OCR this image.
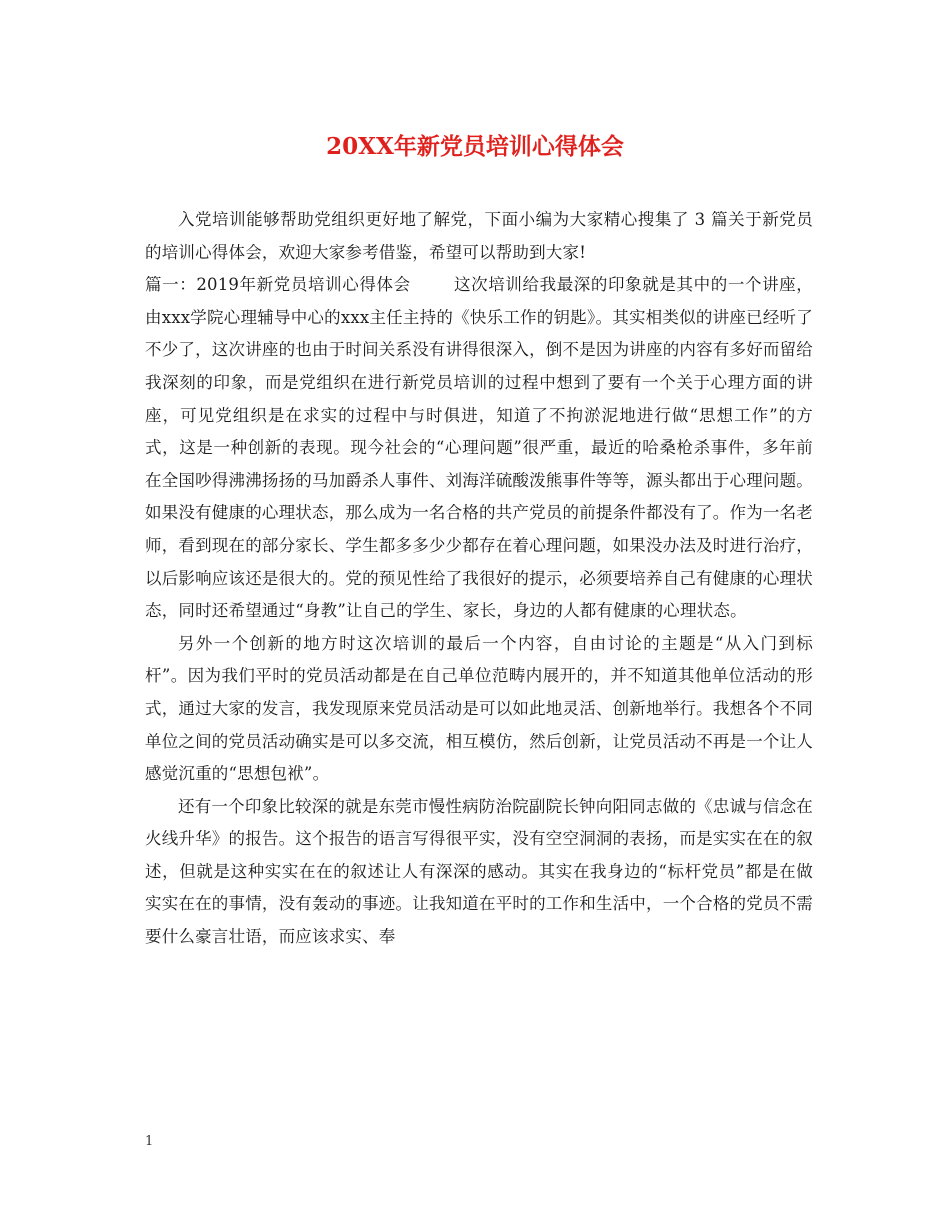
20XX年新党员培训心得体会

入党培训能够帮助党组织更好地了解党，下面小编为大家精心搜集了 3 篇关于新党员的培训心得体会，欢迎大家参考借鉴，希望可以帮助到大家!

篇一：2019年新党员培训心得体会	这次培训给我最深的印象就是其中的一个讲座，由xxx学院心理辅导中心的xxx主任主持的《快乐工作的钥匙》。其实相类似的讲座已经听了不少了，这次讲座的也由于时间关系没有讲得很深入，倒不是因为讲座的内容有多好而留给我深刻的印象，而是党组织在进行新党员培训的过程中想到了要有一个关于心理方面的讲座，可见党组织是在求实的过程中与时俱进，知道了不拘淤泥地进行做“思想工作”的方式，这是一种创新的表现。现今社会的“心理问题”很严重，最近的哈桑枪杀事件，多年前在全国吵得沸沸扬扬的马加爵杀人事件、刘海洋硫酸泼熊事件等等，源头都出于心理问题。如果没有健康的心理状态，那么成为一名合格的共产党员的前提条件都没有了。作为一名老师，看到现在的部分家长、学生都多多少少都存在着心理问题，如果没办法及时进行治疗，以后影响应该还是很大的。党的预见性给了我很好的提示，必须要培养自己有健康的心理状态，同时还希望通过“身教”让自己的学生、家长，身边的人都有健康的心理状态。

另外一个创新的地方时这次培训的最后一个内容，自由讨论的主题是“从入门到标杆”。因为我们平时的党员活动都是在自己单位范畴内展开的，并不知道其他单位活动的形式，通过大家的发言，我发现原来党员活动是可以如此地灵活、创新地举行。我想各个不同单位之间的党员活动确实是可以多交流，相互模仿，然后创新，让党员活动不再是一个让人感觉沉重的“思想包袱”。

还有一个印象比较深的就是东莞市慢性病防治院副院长钟向阳同志做的《忠诚与信念在火线升华》的报告。这个报告的语言写得很平实，没有空空洞洞的表扬，而是实实在在的叙述，但就是这种实实在在的叙述让人有深深的感动。其实在我身边的“标杆党员”都是在做实实在在的事情，没有轰动的事迹。让我知道在平时的工作和生活中，一个合格的党员不需要什么豪言壮语，而应该求实、奉

1
